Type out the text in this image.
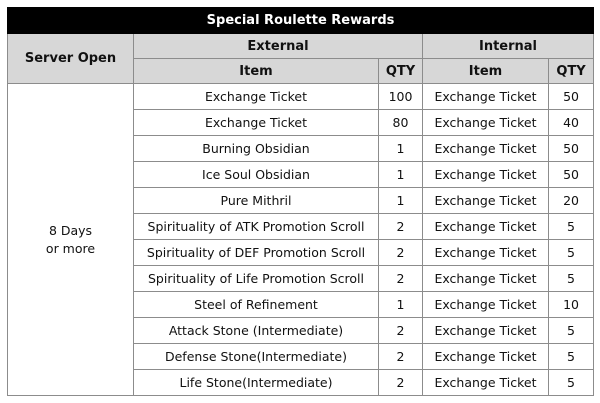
Special Roulette Rewards				
Server Open	External		Internal	
	Item	QTY	Item	QTY

8 Days
or more	Exchange Ticket	100	Exchange Ticket	50
	Exchange Ticket	80	Exchange Ticket	40
	Burning Obsidian	1	Exchange Ticket	50
	Ice Soul Obsidian	1	Exchange Ticket	50
	Pure Mithril	1	Exchange Ticket	20
	Spirituality of ATK Promotion Scroll	2	Exchange Ticket	5
	Spirituality of DEF Promotion Scroll	2	Exchange Ticket	5
	Spirituality of Life Promotion Scroll	2	Exchange Ticket	5
	Steel of Refinement	1	Exchange Ticket	10
	Attack Stone (Intermediate)	2	Exchange Ticket	5
	Defense Stone(Intermediate)	2	Exchange Ticket	5
	Life Stone(Intermediate)	2	Exchange Ticket	5
